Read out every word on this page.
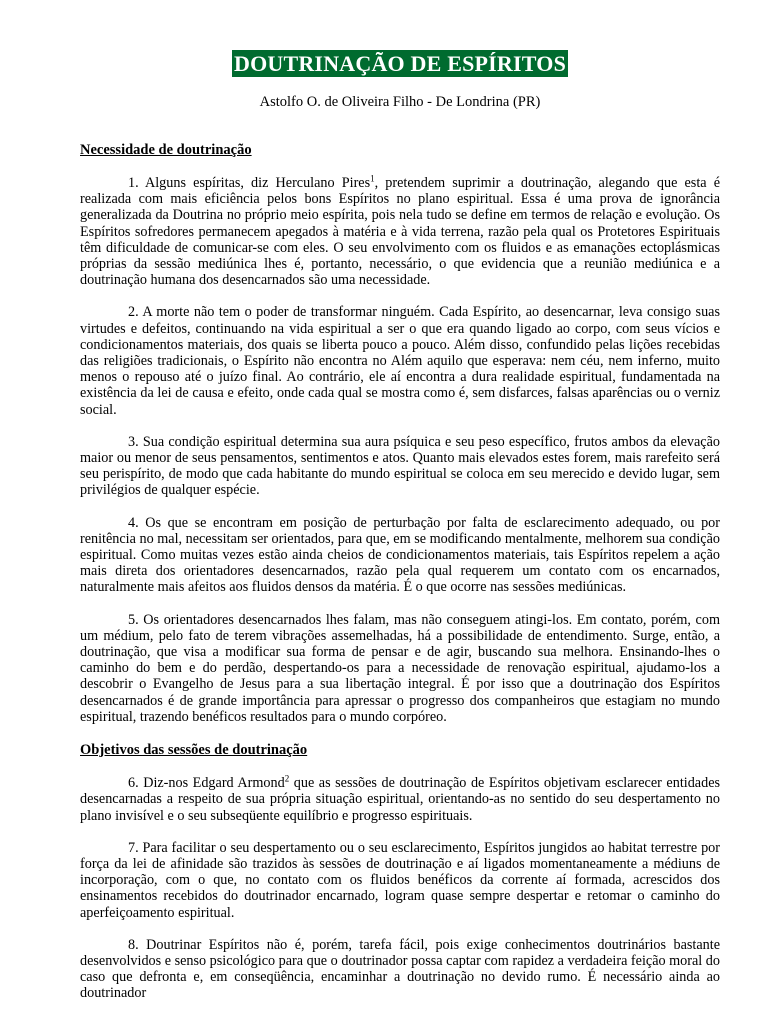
DOUTRINAÇÃO DE ESPÍRITOS
Astolfo O. de Oliveira Filho - De Londrina (PR)
Necessidade de doutrinação

1. Alguns espíritas, diz Herculano Pires$^1$, pretendem suprimir a doutrinação, alegando que esta é realizada com mais eficiência pelos bons Espíritos no plano espiritual. Essa é uma prova de ignorância generalizada da Doutrina no próprio meio espírita, pois nela tudo se define em termos de relação e evolução. Os Espíritos sofredores permanecem apegados à matéria e à vida terrena, razão pela qual os Protetores Espirituais têm dificuldade de comunicar-se com eles. O seu envolvimento com os fluidos e as emanações ectoplásmicas próprias da sessão mediúnica lhes é, portanto, necessário, o que evidencia que a reunião mediúnica e a doutrinação humana dos desencarnados são uma necessidade.

2. A morte não tem o poder de transformar ninguém. Cada Espírito, ao desencarnar, leva consigo suas virtudes e defeitos, continuando na vida espiritual a ser o que era quando ligado ao corpo, com seus vícios e condicionamentos materiais, dos quais se liberta pouco a pouco. Além disso, confundido pelas lições recebidas das religiões tradicionais, o Espírito não encontra no Além aquilo que esperava: nem céu, nem inferno, muito menos o repouso até o juízo final. Ao contrário, ele aí encontra a dura realidade espiritual, fundamentada na existência da lei de causa e efeito, onde cada qual se mostra como é, sem disfarces, falsas aparências ou o verniz social.

3. Sua condição espiritual determina sua aura psíquica e seu peso específico, frutos ambos da elevação maior ou menor de seus pensamentos, sentimentos e atos. Quanto mais elevados estes forem, mais rarefeito será seu perispírito, de modo que cada habitante do mundo espiritual se coloca em seu merecido e devido lugar, sem privilégios de qualquer espécie.

4. Os que se encontram em posição de perturbação por falta de esclarecimento adequado, ou por renitência no mal, necessitam ser orientados, para que, em se modificando mentalmente, melhorem sua condição espiritual. Como muitas vezes estão ainda cheios de condicionamentos materiais, tais Espíritos repelem a ação mais direta dos orientadores desencarnados, razão pela qual requerem um contato com os encarnados, naturalmente mais afeitos aos fluidos densos da matéria. É o que ocorre nas sessões mediúnicas.

5. Os orientadores desencarnados lhes falam, mas não conseguem atingi-los. Em contato, porém, com um médium, pelo fato de terem vibrações assemelhadas, há a possibilidade de entendimento. Surge, então, a doutrinação, que visa a modificar sua forma de pensar e de agir, buscando sua melhora. Ensinando-lhes o caminho do bem e do perdão, despertando-os para a necessidade de renovação espiritual, ajudamo-los a descobrir o Evangelho de Jesus para a sua libertação integral. É por isso que a doutrinação dos Espíritos desencarnados é de grande importância para apressar o progresso dos companheiros que estagiam no mundo espiritual, trazendo benéficos resultados para o mundo corpóreo.

Objetivos das sessões de doutrinação

6. Diz-nos Edgard Armond$^2$ que as sessões de doutrinação de Espíritos objetivam esclarecer entidades desencarnadas a respeito de sua própria situação espiritual, orientando-as no sentido do seu despertamento no plano invisível e o seu subseqüente equilíbrio e progresso espirituais.

7. Para facilitar o seu despertamento ou o seu esclarecimento, Espíritos jungidos ao habitat terrestre por força da lei de afinidade são trazidos às sessões de doutrinação e aí ligados momentaneamente a médiuns de incorporação, com o que, no contato com os fluidos benéficos da corrente aí formada, acrescidos dos ensinamentos recebidos do doutrinador encarnado, logram quase sempre despertar e retomar o caminho do aperfeiçoamento espiritual.

8. Doutrinar Espíritos não é, porém, tarefa fácil, pois exige conhecimentos doutrinários bastante desenvolvidos e senso psicológico para que o doutrinador possa captar com rapidez a verdadeira feição moral do caso que defronta e, em conseqüência, encaminhar a doutrinação no devido rumo. É necessário ainda ao doutrinador
